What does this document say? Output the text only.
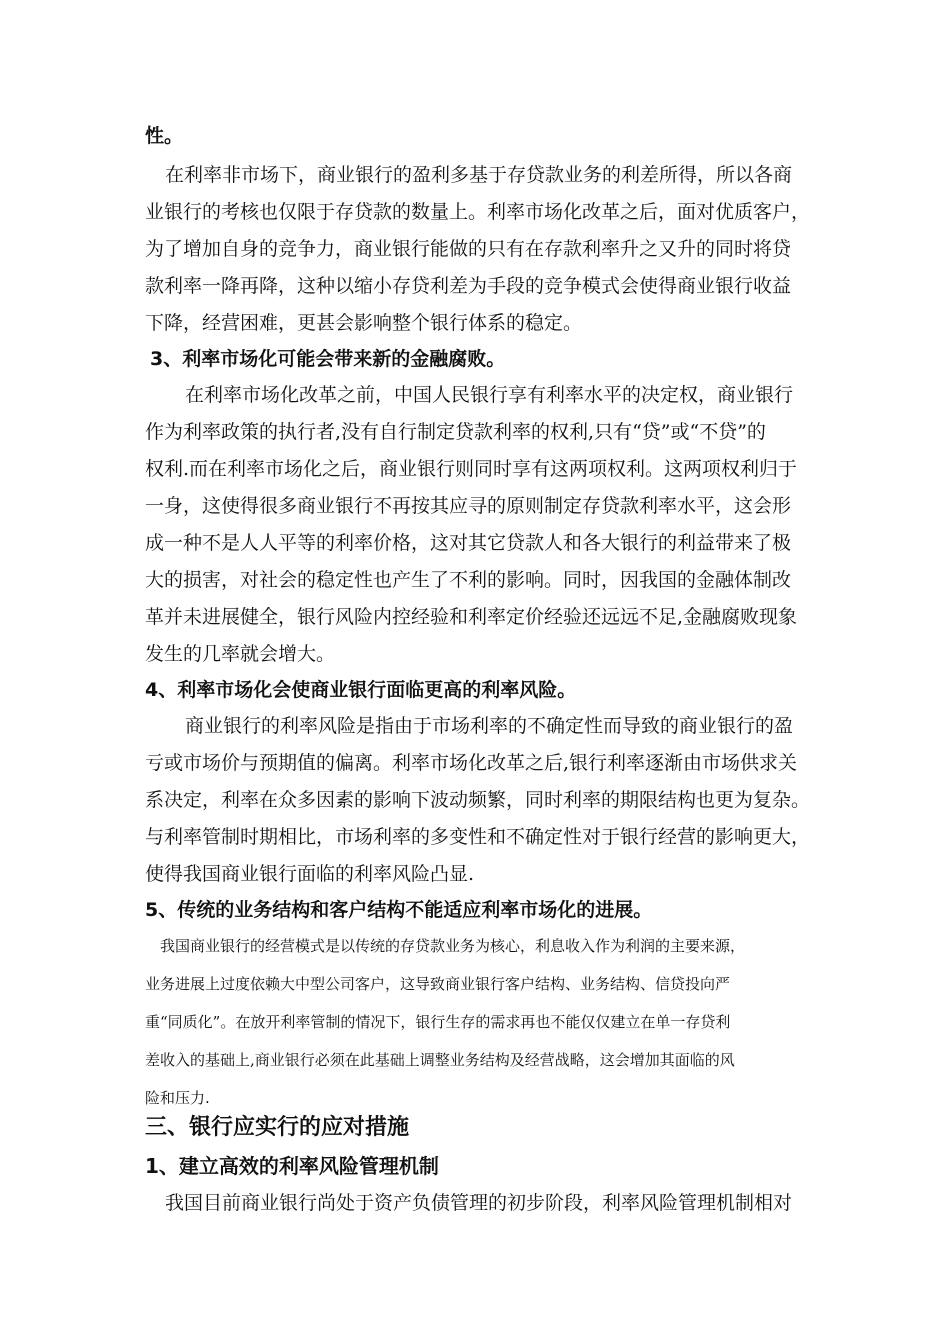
性。
在利率非市场下，商业银行的盈利多基于存贷款业务的利差所得，所以各商
业银行的考核也仅限于存贷款的数量上。利率市场化改革之后，面对优质客户，
为了增加自身的竞争力，商业银行能做的只有在存款利率升之又升的同时将贷
款利率一降再降，这种以缩小存贷利差为手段的竞争模式会使得商业银行收益
下降，经营困难，更甚会影响整个银行体系的稳定。
3、利率市场化可能会带来新的金融腐败。
在利率市场化改革之前，中国人民银行享有利率水平的决定权，商业银行
作为利率政策的执行者,没有自行制定贷款利率的权利,只有“贷”或“不贷”的
权利.而在利率市场化之后，商业银行则同时享有这两项权利。这两项权利归于
一身，这使得很多商业银行不再按其应寻的原则制定存贷款利率水平，这会形
成一种不是人人平等的利率价格，这对其它贷款人和各大银行的利益带来了极
大的损害，对社会的稳定性也产生了不利的影响。同时，因我国的金融体制改
革并未进展健全，银行风险内控经验和利率定价经验还远远不足,金融腐败现象
发生的几率就会增大。
4、利率市场化会使商业银行面临更高的利率风险。
商业银行的利率风险是指由于市场利率的不确定性而导致的商业银行的盈
亏或市场价与预期值的偏离。利率市场化改革之后,银行利率逐渐由市场供求关
系决定，利率在众多因素的影响下波动频繁，同时利率的期限结构也更为复杂。
与利率管制时期相比，市场利率的多变性和不确定性对于银行经营的影响更大，
使得我国商业银行面临的利率风险凸显.
5、传统的业务结构和客户结构不能适应利率市场化的进展。
我国商业银行的经营模式是以传统的存贷款业务为核心，利息收入作为利润的主要来源，
业务进展上过度依赖大中型公司客户，这导致商业银行客户结构、业务结构、信贷投向严
重“同质化”。在放开利率管制的情况下，银行生存的需求再也不能仅仅建立在单一存贷利
差收入的基础上,商业银行必须在此基础上调整业务结构及经营战略，这会增加其面临的风
险和压力.
三、银行应实行的应对措施
1、建立高效的利率风险管理机制
我国目前商业银行尚处于资产负债管理的初步阶段，利率风险管理机制相对
